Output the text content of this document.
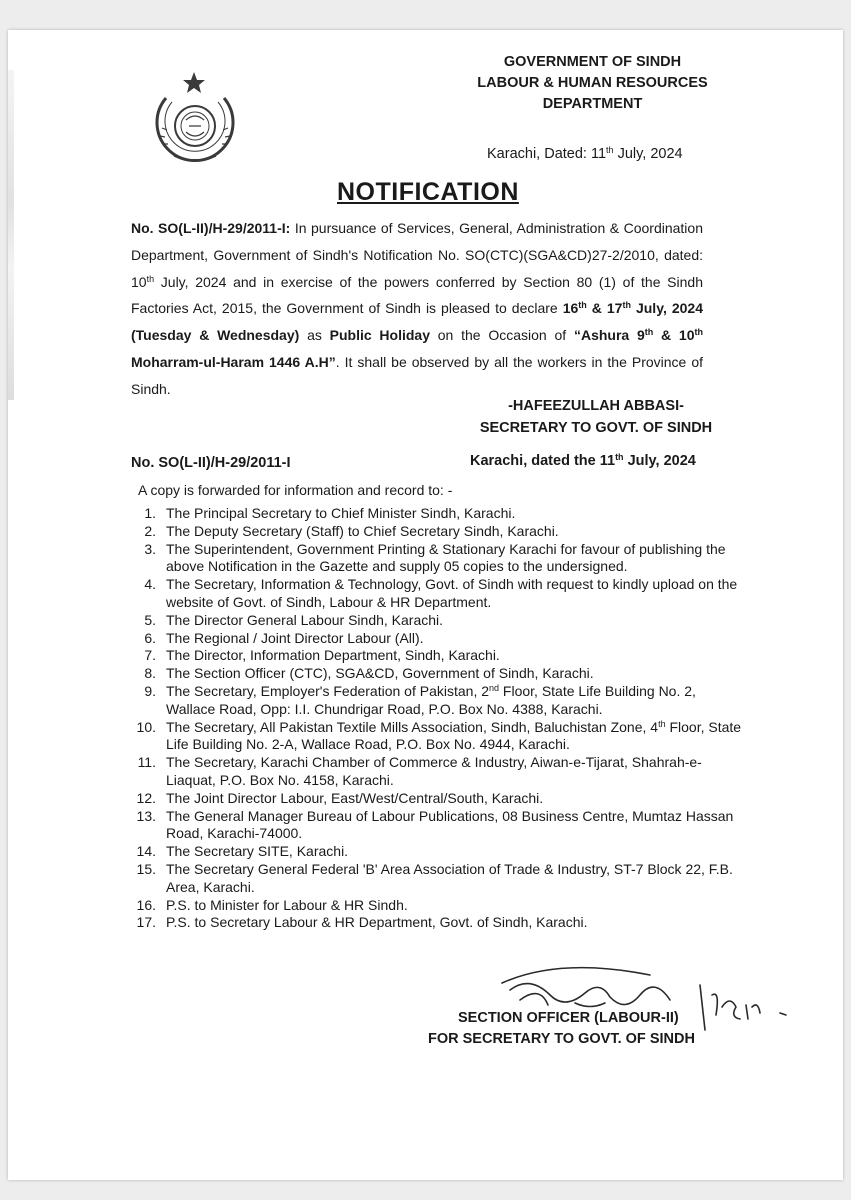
GOVERNMENT OF SINDH
LABOUR & HUMAN RESOURCES
DEPARTMENT
Karachi, Dated: 11th July, 2024
NOTIFICATION
No. SO(L-II)/H-29/2011-I: In pursuance of Services, General, Administration & Coordination Department, Government of Sindh's Notification No. SO(CTC)(SGA&CD)27-2/2010, dated: 10th July, 2024 and in exercise of the powers conferred by Section 80 (1) of the Sindh Factories Act, 2015, the Government of Sindh is pleased to declare 16th & 17th July, 2024 (Tuesday & Wednesday) as Public Holiday on the Occasion of “Ashura 9th & 10th Moharram-ul-Haram 1446 A.H”. It shall be observed by all the workers in the Province of Sindh.
-HAFEEZULLAH ABBASI-
SECRETARY TO GOVT. OF SINDH
No. SO(L-II)/H-29/2011-I	Karachi, dated the 11th July, 2024
A copy is forwarded for information and record to: -
1. The Principal Secretary to Chief Minister Sindh, Karachi.
2. The Deputy Secretary (Staff) to Chief Secretary Sindh, Karachi.
3. The Superintendent, Government Printing & Stationary Karachi for favour of publishing the above Notification in the Gazette and supply 05 copies to the undersigned.
4. The Secretary, Information & Technology, Govt. of Sindh with request to kindly upload on the website of Govt. of Sindh, Labour & HR Department.
5. The Director General Labour Sindh, Karachi.
6. The Regional / Joint Director Labour (All).
7. The Director, Information Department, Sindh, Karachi.
8. The Section Officer (CTC), SGA&CD, Government of Sindh, Karachi.
9. The Secretary, Employer's Federation of Pakistan, 2nd Floor, State Life Building No. 2, Wallace Road, Opp: I.I. Chundrigar Road, P.O. Box No. 4388, Karachi.
10. The Secretary, All Pakistan Textile Mills Association, Sindh, Baluchistan Zone, 4th Floor, State Life Building No. 2-A, Wallace Road, P.O. Box No. 4944, Karachi.
11. The Secretary, Karachi Chamber of Commerce & Industry, Aiwan-e-Tijarat, Shahrah-e-Liaquat, P.O. Box No. 4158, Karachi.
12. The Joint Director Labour, East/West/Central/South, Karachi.
13. The General Manager Bureau of Labour Publications, 08 Business Centre, Mumtaz Hassan Road, Karachi-74000.
14. The Secretary SITE, Karachi.
15. The Secretary General Federal 'B' Area Association of Trade & Industry, ST-7 Block 22, F.B. Area, Karachi.
16. P.S. to Minister for Labour & HR Sindh.
17. P.S. to Secretary Labour & HR Department, Govt. of Sindh, Karachi.
SECTION OFFICER (LABOUR-II)
FOR SECRETARY TO GOVT. OF SINDH
